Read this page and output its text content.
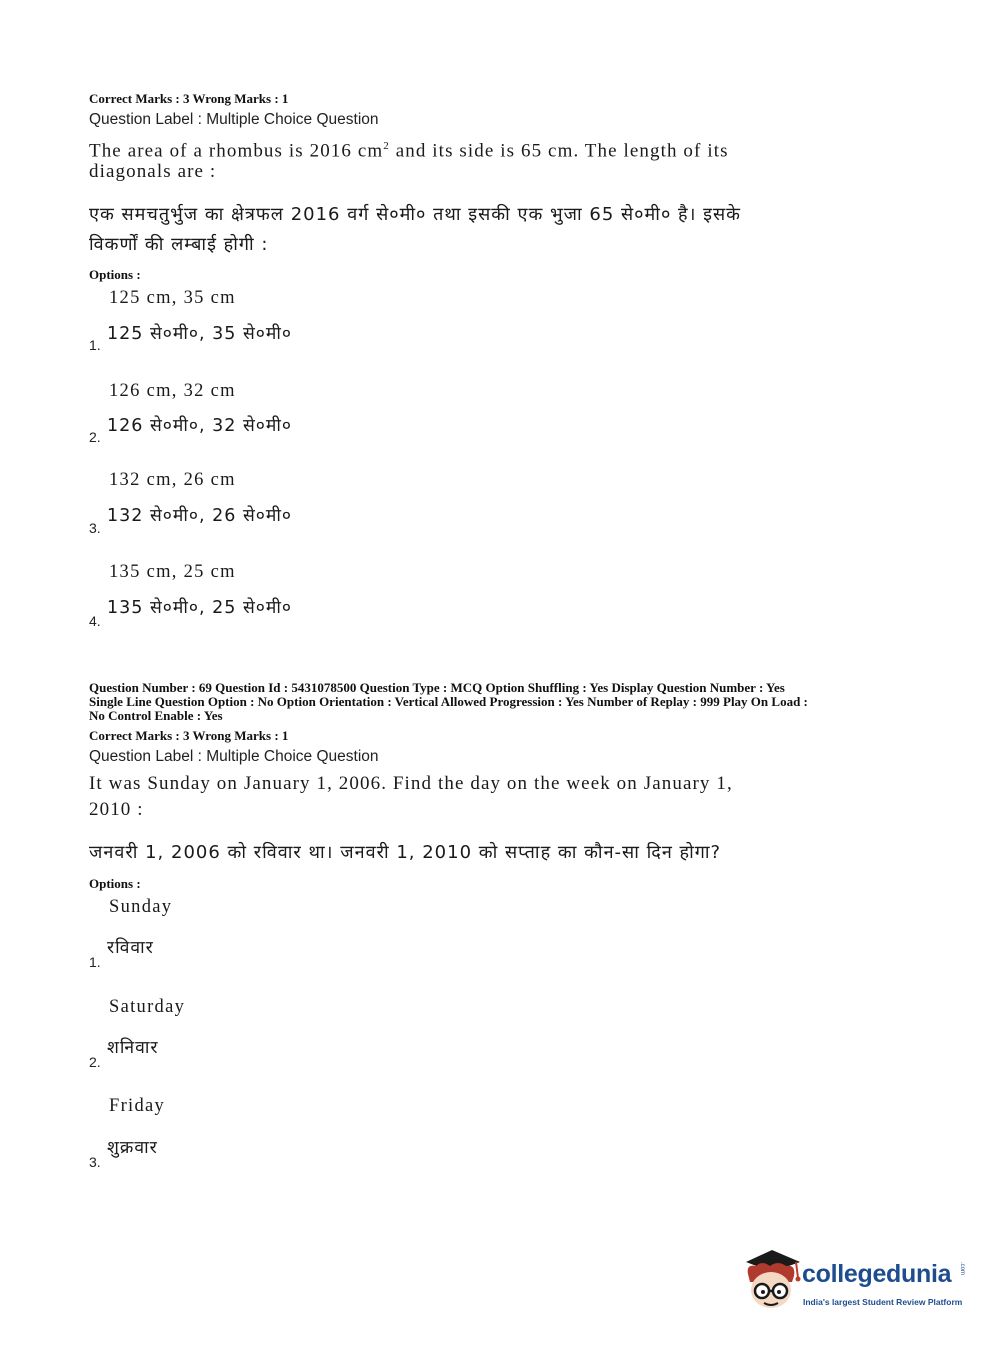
Correct Marks : 3 Wrong Marks : 1
Question Label : Multiple Choice Question
The area of a rhombus is 2016 $cm^2$ and its side is 65 cm. The length of its
diagonals are :
एक समचतुर्भुज का क्षेत्रफल 2016 वर्ग से०मी० तथा इसकी एक भुजा 65 से०मी० है। इसके
विकर्णों की लम्बाई होगी :
Options :
125 cm, 35 cm
125 से०मी०, 35 से०मी०
1.
126 cm, 32 cm
126 से०मी०, 32 से०मी०
2.
132 cm, 26 cm
132 से०मी०, 26 से०मी०
3.
135 cm, 25 cm
135 से०मी०, 25 से०मी०
4.
Question Number : 69 Question Id : 5431078500 Question Type : MCQ Option Shuffling : Yes Display Question Number : Yes
Single Line Question Option : No Option Orientation : Vertical Allowed Progression : Yes Number of Replay : 999 Play On Load :
No Control Enable : Yes
Correct Marks : 3 Wrong Marks : 1
Question Label : Multiple Choice Question
It was Sunday on January 1, 2006. Find the day on the week on January 1,
2010 :
जनवरी 1, 2006 को रविवार था। जनवरी 1, 2010 को सप्ताह का कौन-सा दिन होगा?
Options :
Sunday
रविवार
1.
Saturday
शनिवार
2.
Friday
शुक्रवार
3.
collegedunia .com
India's largest Student Review Platform
